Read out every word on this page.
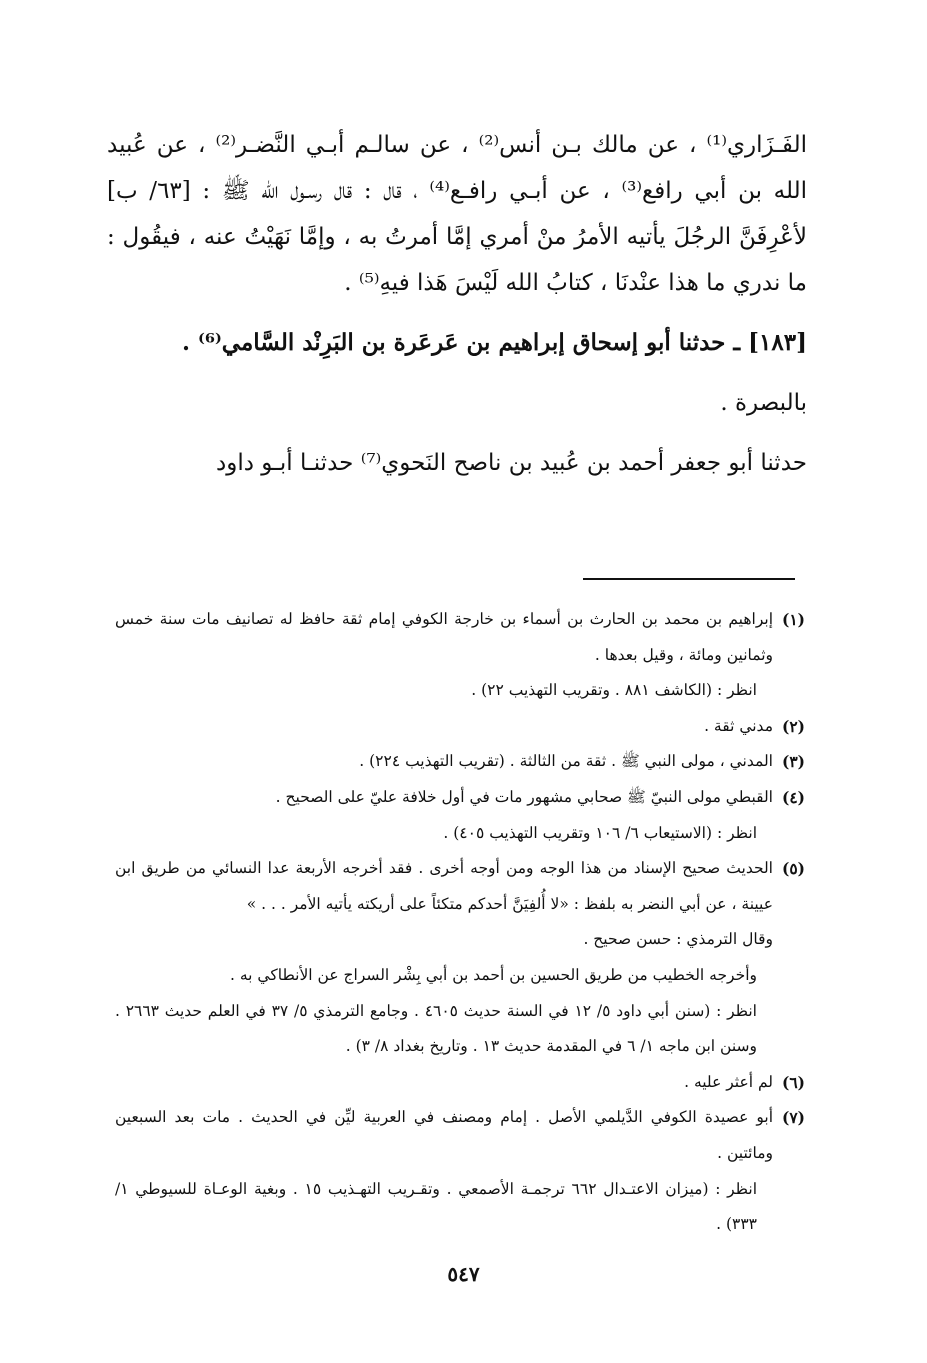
الفَـزَاري⁽¹⁾ ، عن مالك بـن أنس⁽²⁾ ، عن سالـم أبـي النَّضـر⁽²⁾ ، عن عُبيد الله بن أبي رافع⁽³⁾ ، عن أبـي رافـع⁽⁴⁾ ، قال : قال رسـول الله ﷺ : [٦٣/ ب] لأعْرِفَنَّ الرجُلَ يأتيه الأمرُ منْ أمري إمَّا أمرتُ به ، وإمَّا نَهَيْتُ عنه ، فيقُول : ما ندري ما هذا عنْدنَا ، كتابُ الله لَيْسَ هَذا فيهِ⁽⁵⁾ .

[١٨٣] ـ حدثنا أبو إسحاق إبراهيم بن عَرعَرة بن البَرِنْد السَّامي⁽⁶⁾ .

بالبصرة .

حدثنا أبو جعفر أحمد بن عُبيد بن ناصح النَحوي⁽⁷⁾ حدثنـا أبـو داود

(١)
إبراهيم بن محمد بن الحارث بن أسماء بن خارجة الكوفي إمام ثقة حافظ له تصانيف مات سنة خمس وثمانين ومائة ، وقيل بعدها .

انظر : (الكاشف ٨٨١ . وتقريب التهذيب ٢٢) .

(٢)
مدني ثقة .

(٣)
المدني ، مولى النبي ﷺ . ثقة من الثالثة . (تقريب التهذيب ٢٢٤) .

(٤)
القبطي مولى النبيّ ﷺ صحابي مشهور مات في أول خلافة عليّ على الصحيح .

انظر : (الاستيعاب ٦/ ١٠٦ وتقريب التهذيب ٤٠٥) .

(٥)
الحديث صحيح الإسناد من هذا الوجه ومن أوجه أخرى . فقد أخرجه الأربعة عدا النسائي من طريق ابن عيينة ، عن أبي النضر به بلفظ : «لا أُلفِيَنَّ أحدكم متكئاً على أريكته يأتيه الأمر . . . »

وقال الترمذي : حسن صحيح .

وأخرجه الخطيب من طريق الحسين بن أحمد بن أبي بِشْر السراج عن الأنطاكي به .

انظر : (سنن أبي داود ٥/ ١٢ في السنة حديث ٤٦٠٥ . وجامع الترمذي ٥/ ٣٧ في العلم حديث ٢٦٦٣ . وسنن ابن ماجه ١/ ٦ في المقدمة حديث ١٣ . وتاريخ بغداد ٨/ ٣) .

(٦)
لم أعثر عليه .

(٧)
أبو عصيدة الكوفي الدَّيلمي الأصل . إمام ومصنف في العربية ليِّن في الحديث . مات بعد السبعين ومائتين .

انظر : (ميزان الاعتـدال ٦٦٢ ترجمـة الأصمعي . وتقـريب التهـذيب ١٥ . وبغية الوعـاة للسيوطي ١/ ٣٣٣) .

٥٤٧
